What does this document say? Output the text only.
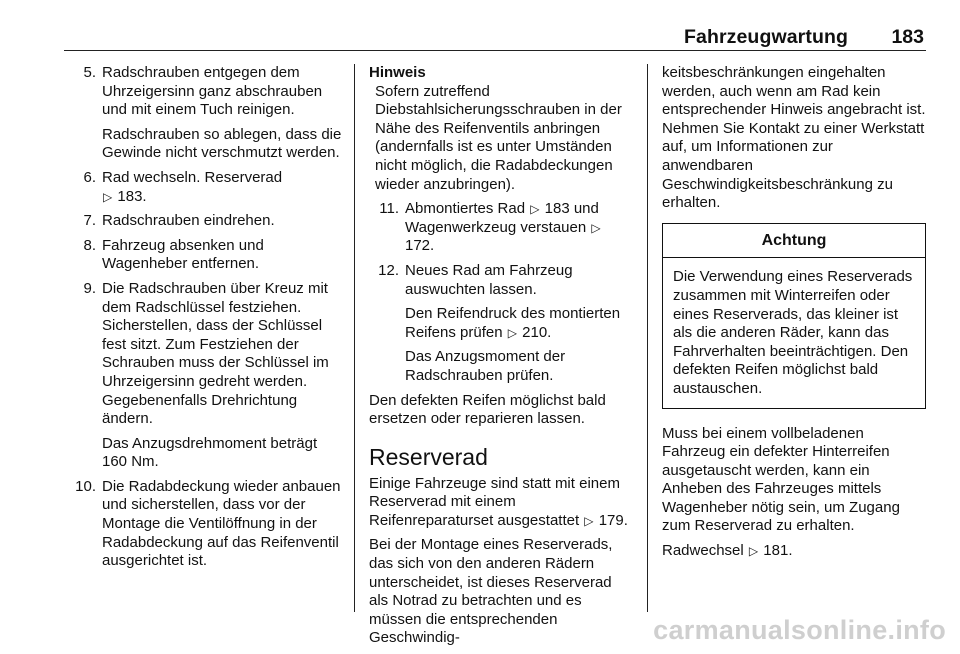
Fahrzeugwartung 183
5. Radschrauben entgegen dem Uhrzeigersinn ganz abschrauben und mit einem Tuch reinigen.
Radschrauben so ablegen, dass die Gewinde nicht verschmutzt werden.
6. Rad wechseln. Reserverad
▷ 183.
7. Radschrauben eindrehen.
8. Fahrzeug absenken und Wagenheber entfernen.
9. Die Radschrauben über Kreuz mit dem Radschlüssel festziehen. Sicherstellen, dass der Schlüssel fest sitzt. Zum Festziehen der Schrauben muss der Schlüssel im Uhrzeigersinn gedreht werden. Gegebenenfalls Drehrichtung ändern.
Das Anzugsdrehmoment beträgt 160 Nm.
10. Die Radabdeckung wieder anbauen und sicherstellen, dass vor der Montage die Ventilöffnung in der Radabdeckung auf das Reifenventil ausgerichtet ist.
Hinweis
Sofern zutreffend Diebstahlsicherungsschrauben in der Nähe des Reifenventils anbringen (andernfalls ist es unter Umständen nicht möglich, die Radabdeckungen wieder anzubringen).
11. Abmontiertes Rad ▷ 183 und Wagenwerkzeug verstauen ▷ 172.
12. Neues Rad am Fahrzeug auswuchten lassen.
Den Reifendruck des montierten Reifens prüfen ▷ 210.
Das Anzugsmoment der Radschrauben prüfen.
Den defekten Reifen möglichst bald ersetzen oder reparieren lassen.
Reserverad
Einige Fahrzeuge sind statt mit einem Reserverad mit einem Reifenreparaturset ausgestattet ▷ 179.
Bei der Montage eines Reserverads, das sich von den anderen Rädern unterscheidet, ist dieses Reserverad als Notrad zu betrachten und es müssen die entsprechenden Geschwindig-
keitsbeschränkungen eingehalten werden, auch wenn am Rad kein entsprechender Hinweis angebracht ist. Nehmen Sie Kontakt zu einer Werkstatt auf, um Informationen zur anwendbaren Geschwindigkeitsbeschränkung zu erhalten.
Achtung
Die Verwendung eines Reserverads zusammen mit Winterreifen oder eines Reserverads, das kleiner ist als die anderen Räder, kann das Fahrverhalten beeinträchtigen. Den defekten Reifen möglichst bald austauschen.
Muss bei einem vollbeladenen Fahrzeug ein defekter Hinterreifen ausgetauscht werden, kann ein Anheben des Fahrzeuges mittels Wagenheber nötig sein, um Zugang zum Reserverad zu erhalten.
Radwechsel ▷ 181.
carmanualsonline.info
